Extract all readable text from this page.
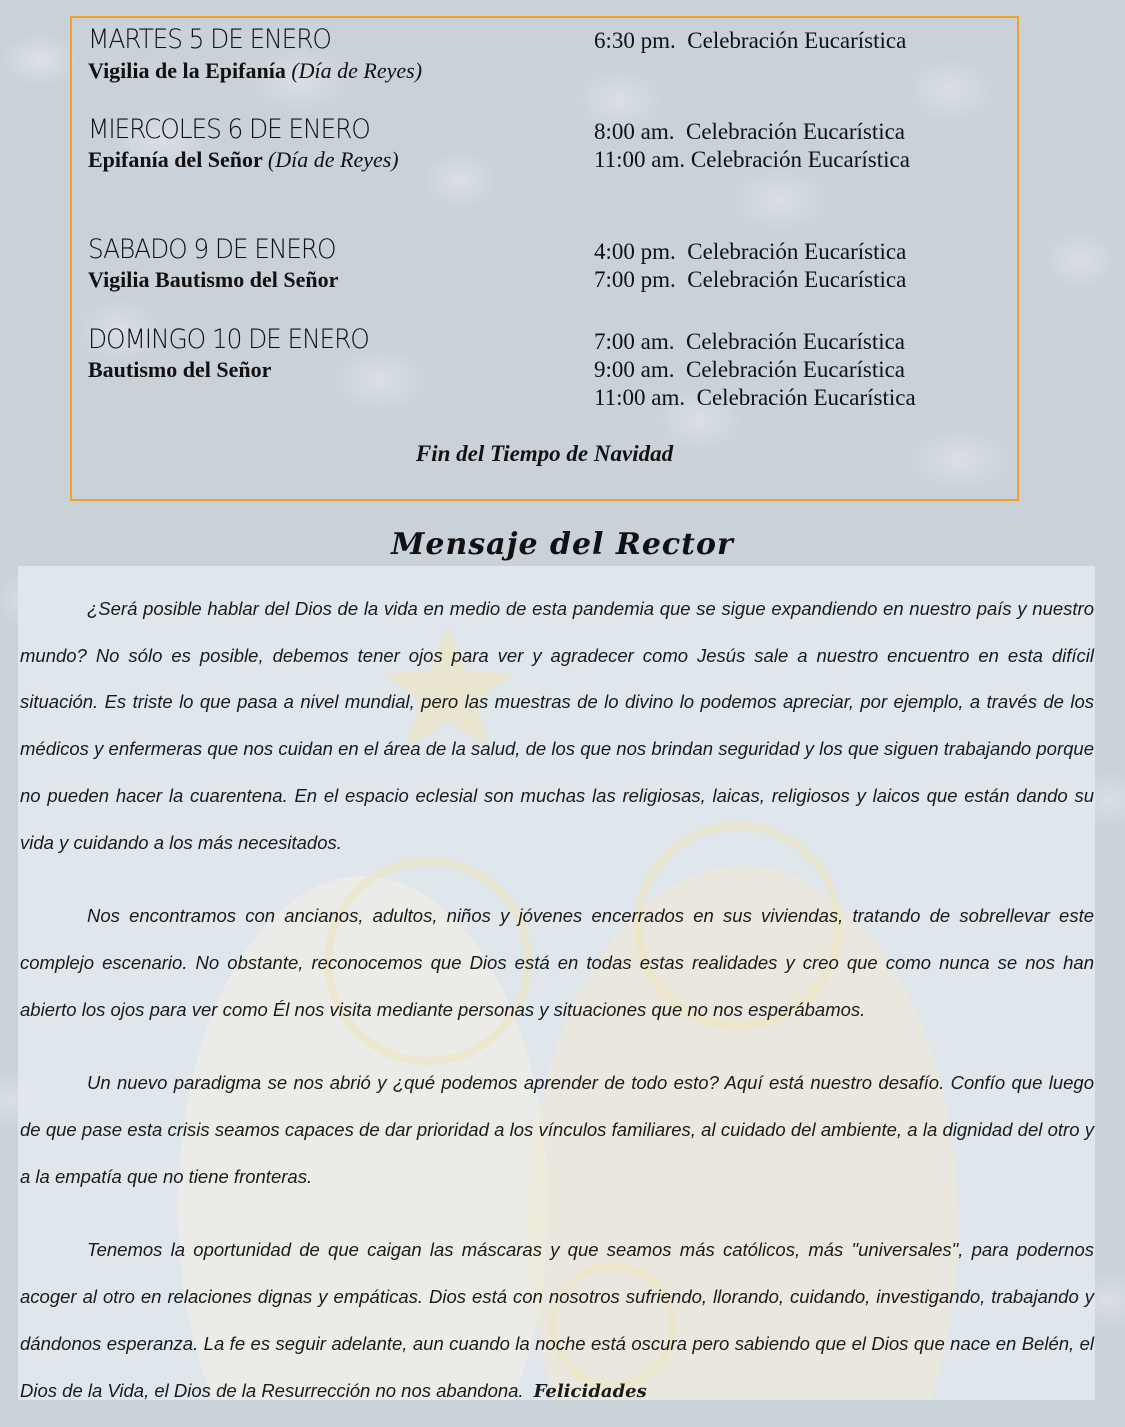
MARTES 5 DE ENERO
Vigilia de la Epifanía (Día de Reyes)
6:30 pm.  Celebración Eucarística
MIERCOLES 6 DE ENERO
Epifanía del Señor (Día de Reyes)
8:00 am.  Celebración Eucarística
11:00 am. Celebración Eucarística
SABADO 9 DE ENERO
Vigilia Bautismo del Señor
4:00 pm.  Celebración Eucarística
7:00 pm.  Celebración Eucarística
DOMINGO 10 DE ENERO
Bautismo del Señor
7:00 am.  Celebración Eucarística
9:00 am.  Celebración Eucarística
11:00 am.  Celebración Eucarística
Fin del Tiempo de Navidad
Mensaje del Rector

¿Será posible hablar del Dios de la vida en medio de esta pandemia que se sigue expandiendo en nuestro país y nuestro mundo? No sólo es posible, debemos tener ojos para ver y agradecer como Jesús sale a nuestro encuentro en esta difícil situación. Es triste lo que pasa a nivel mundial, pero las muestras de lo divino lo podemos apreciar, por ejemplo, a través de los médicos y enfermeras que nos cuidan en el área de la salud, de los que nos brindan seguridad y los que siguen trabajando porque no pueden hacer la cuarentena. En el espacio eclesial son muchas las religiosas, laicas, religiosos y laicos que están dando su vida y cuidando a los más necesitados.

Nos encontramos con ancianos, adultos, niños y jóvenes encerrados en sus viviendas, tratando de sobrellevar este complejo escenario. No obstante, reconocemos que Dios está en todas estas realidades y creo que como nunca se nos han abierto los ojos para ver como Él nos visita mediante personas y situaciones que no nos esperábamos.

Un nuevo paradigma se nos abrió y ¿qué podemos aprender de todo esto? Aquí está nuestro desafío. Confío que luego de que pase esta crisis seamos capaces de dar prioridad a los vínculos familiares, al cuidado del ambiente, a la dignidad del otro y a la empatía que no tiene fronteras.

Tenemos la oportunidad de que caigan las máscaras y que seamos más católicos, más "universales", para podernos acoger al otro en relaciones dignas y empáticas. Dios está con nosotros sufriendo, llorando, cuidando, investigando, trabajando y dándonos esperanza. La fe es seguir adelante, aun cuando la noche está oscura pero sabiendo que el Dios que nace en Belén, el Dios de la Vida, el Dios de la Resurrección no nos abandona. Felicidades
